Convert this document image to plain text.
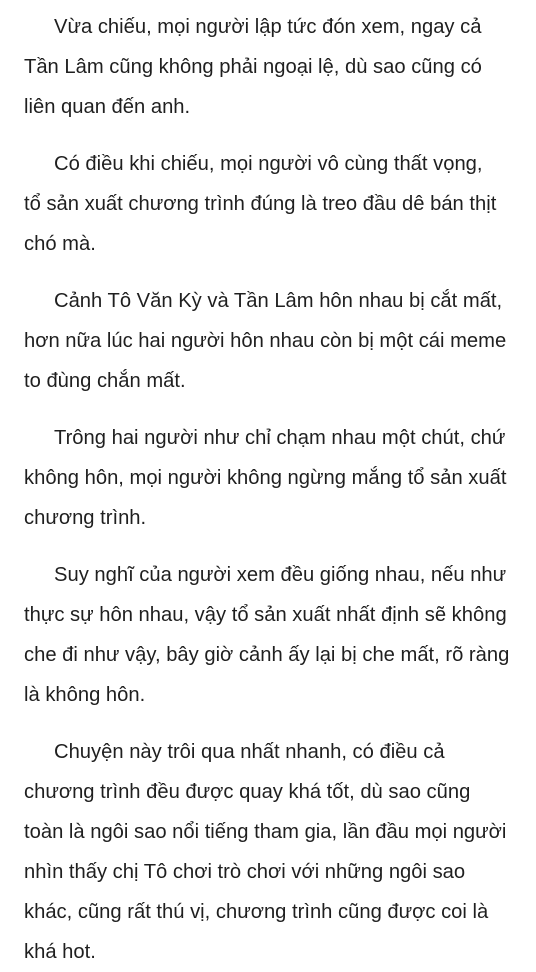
Vừa chiếu, mọi người lập tức đón xem, ngay cả
Tần Lâm cũng không phải ngoại lệ, dù sao cũng có
liên quan đến anh.

Có điều khi chiếu, mọi người vô cùng thất vọng,
tổ sản xuất chương trình đúng là treo đầu dê bán thịt
chó mà.

Cảnh Tô Văn Kỳ và Tần Lâm hôn nhau bị cắt mất,
hơn nữa lúc hai người hôn nhau còn bị một cái meme
to đùng chắn mất.

Trông hai người như chỉ chạm nhau một chút, chứ
không hôn, mọi người không ngừng mắng tổ sản xuất
chương trình.

Suy nghĩ của người xem đều giống nhau, nếu như
thực sự hôn nhau, vậy tổ sản xuất nhất định sẽ không
che đi như vậy, bây giờ cảnh ấy lại bị che mất, rõ ràng
là không hôn.

Chuyện này trôi qua nhất nhanh, có điều cả
chương trình đều được quay khá tốt, dù sao cũng
toàn là ngôi sao nổi tiếng tham gia, lần đầu mọi người
nhìn thấy chị Tô chơi trò chơi với những ngôi sao
khác, cũng rất thú vị, chương trình cũng được coi là
khá hot.
